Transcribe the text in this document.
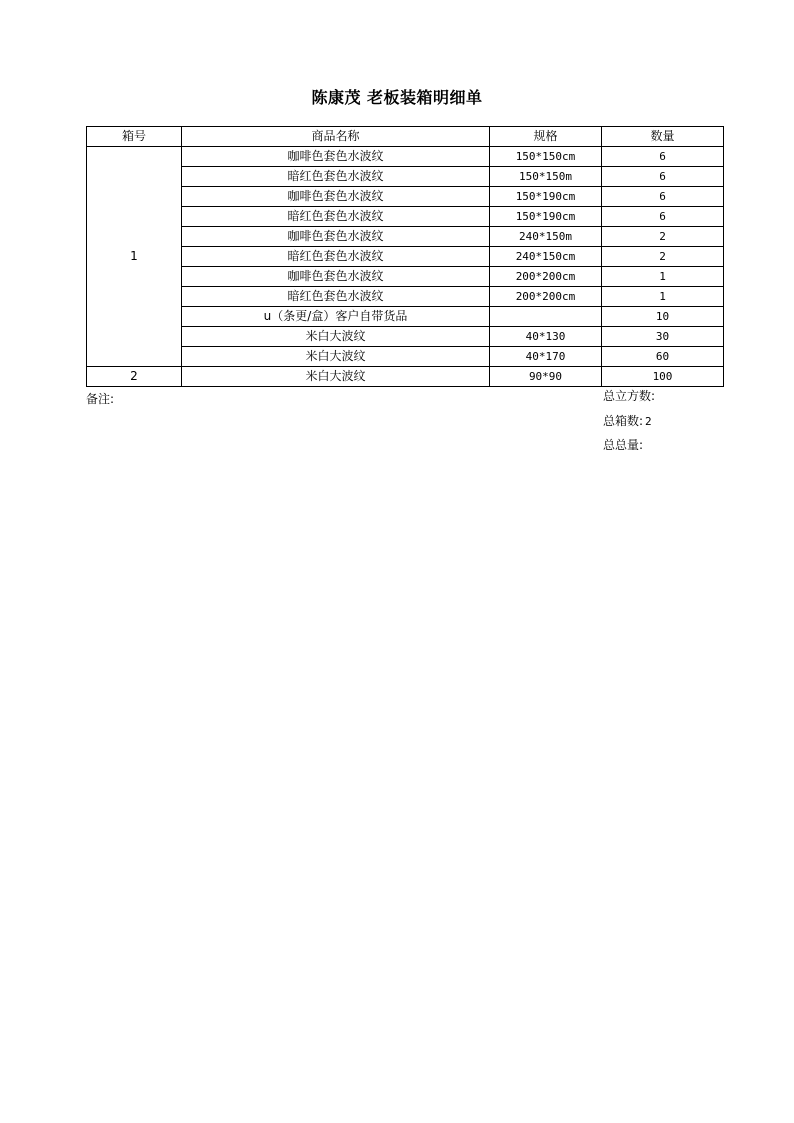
陈康茂 老板装箱明细单
箱号	商品名称	规格	数量
1	咖啡色套色水波纹	150*150cm	6
	暗红色套色水波纹	150*150m	6
	咖啡色套色水波纹	150*190cm	6
	暗红色套色水波纹	150*190cm	6
	咖啡色套色水波纹	240*150m	2
	暗红色套色水波纹	240*150cm	2
	咖啡色套色水波纹	200*200cm	1
	暗红色套色水波纹	200*200cm	1
	u（条更/盒）客户自带货品		10
	米白大波纹	40*130	30
	米白大波纹	40*170	60
2	米白大波纹	90*90	100
备注:	总立方数:
总箱数: 2
总总量:
